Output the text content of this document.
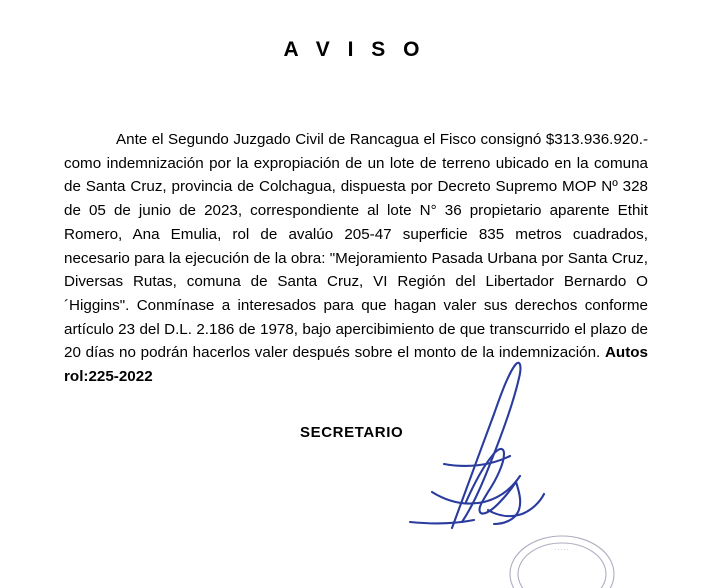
A V I S O
Ante el Segundo Juzgado Civil de Rancagua el Fisco consignó $313.936.920.- como indemnización por la expropiación de un lote de terreno ubicado en la comuna de Santa Cruz, provincia de Colchagua, dispuesta por Decreto Supremo MOP Nº 328 de 05 de junio de 2023, correspondiente al lote N° 36 propietario aparente Ethit Romero, Ana Emulia, rol de avalúo 205-47 superficie 835 metros cuadrados, necesario para la ejecución de la obra: "Mejoramiento Pasada Urbana por Santa Cruz, Diversas Rutas, comuna de Santa Cruz, VI Región del Libertador Bernardo O´Higgins". Conmínase a interesados para que hagan valer sus derechos conforme artículo 23 del D.L. 2.186 de 1978, bajo apercibimiento de que transcurrido el plazo de 20 días no podrán hacerlos valer después sobre el monto de la indemnización. Autos rol:225-2022
SECRETARIO
.....
